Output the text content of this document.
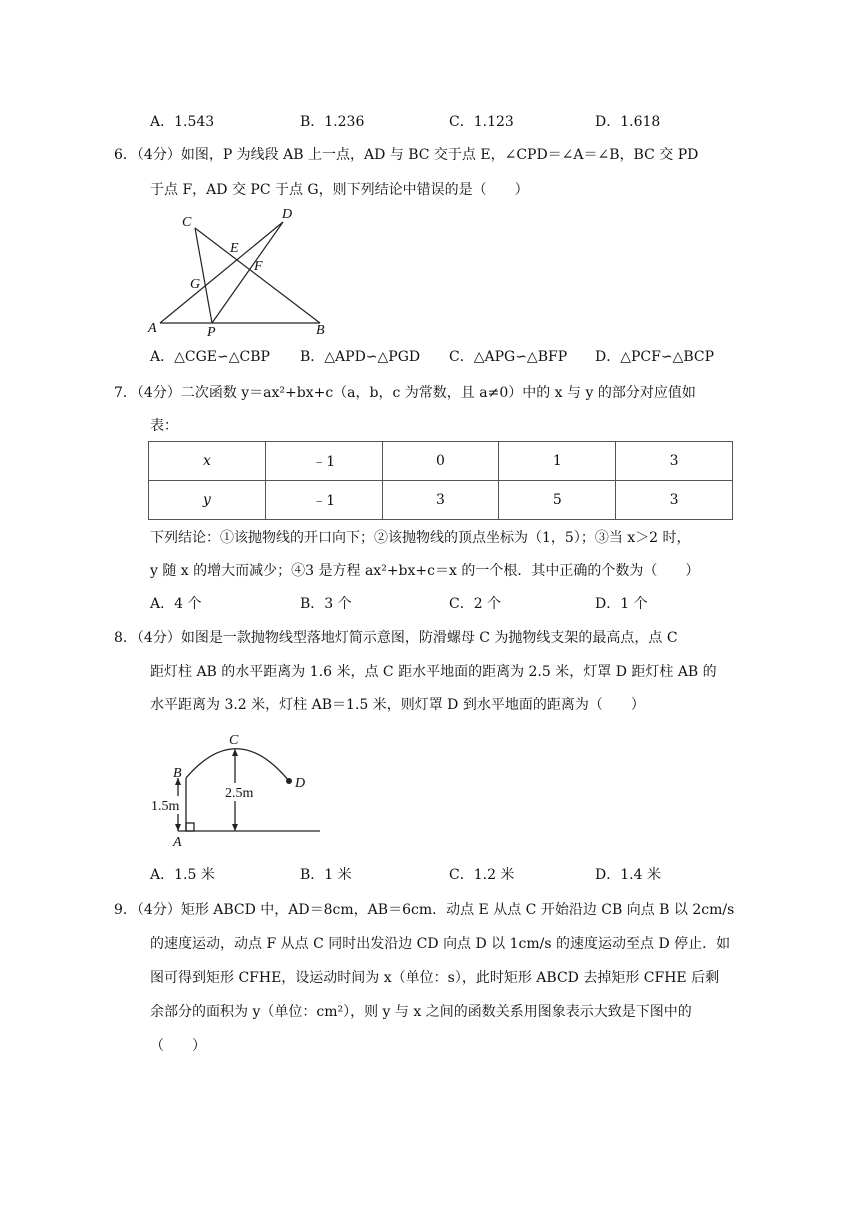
A．1.543	B．1.236	C．1.123	D．1.618
6．（4分）如图，P 为线段 AB 上一点，AD 与 BC 交于点 E，∠CPD＝∠A＝∠B，BC 交 PD
于点 F，AD 交 PC 于点 G，则下列结论中错误的是（　　）
C
D
E
F
G
A	P	B
A．△CGE∽△CBP B．△APD∽△PGD C．△APG∽△BFP D．△PCF∽△BCP
7．（4分）二次函数 y＝ax²+bx+c（a，b，c 为常数，且 a≠0）中的 x 与 y 的部分对应值如
表：
x	﹣1	0	1	3
y	﹣1	3	5	3
下列结论：①该抛物线的开口向下；②该抛物线的顶点坐标为（1，5）；③当 x＞2 时，
y 随 x 的增大而减少；④3 是方程 ax²+bx+c＝x 的一个根．其中正确的个数为（　　）
A．4 个	B．3 个	C．2 个	D．1 个
8．（4分）如图是一款抛物线型落地灯简示意图，防滑螺母 C 为抛物线支架的最高点，点 C
距灯柱 AB 的水平距离为 1.6 米，点 C 距水平地面的距离为 2.5 米，灯罩 D 距灯柱 AB 的
水平距离为 3.2 米，灯柱 AB＝1.5 米，则灯罩 D 到水平地面的距离为（　　）
C
B
D
A
1.5m
2.5m
A．1.5 米	B．1 米	C．1.2 米	D．1.4 米
9．（4分）矩形 ABCD 中，AD＝8cm，AB＝6cm．动点 E 从点 C 开始沿边 CB 向点 B 以 2cm/s
的速度运动，动点 F 从点 C 同时出发沿边 CD 向点 D 以 1cm/s 的速度运动至点 D 停止．如
图可得到矩形 CFHE，设运动时间为 x（单位：s），此时矩形 ABCD 去掉矩形 CFHE 后剩
余部分的面积为 y（单位：cm²），则 y 与 x 之间的函数关系用图象表示大致是下图中的
（　　）
